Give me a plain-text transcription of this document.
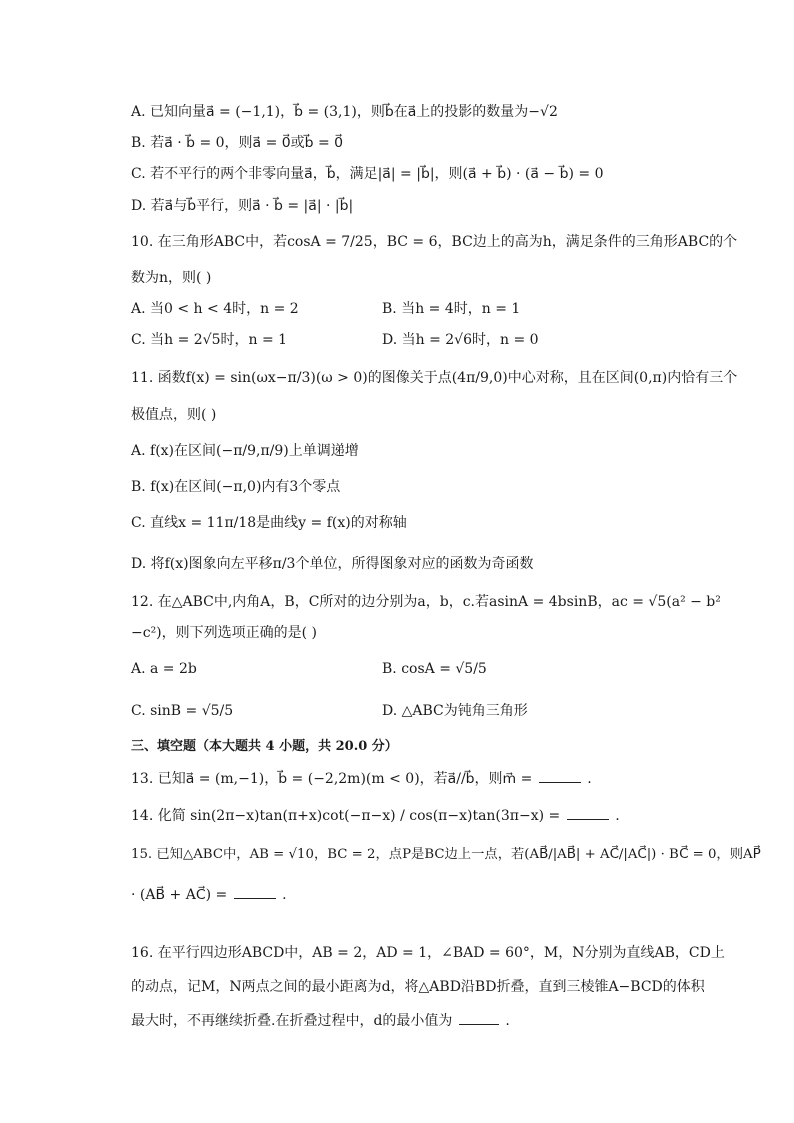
A. 已知向量a⃗ = (−1,1)，b⃗ = (3,1)，则b⃗在a⃗上的投影的数量为−√2
B. 若a⃗ · b⃗ = 0，则a⃗ = 0⃗或b⃗ = 0⃗
C. 若不平行的两个非零向量a⃗，b⃗，满足|a⃗| = |b⃗|，则(a⃗ + b⃗) · (a⃗ − b⃗) = 0
D. 若a⃗与b⃗平行，则a⃗ · b⃗ = |a⃗| · |b⃗|
10. 在三角形ABC中，若cosA = 7/25，BC = 6，BC边上的高为h，满足条件的三角形ABC的个
数为n，则( )
A. 当0 < h < 4时，n = 2	B. 当h = 4时，n = 1
C. 当h = 2√5时，n = 1	D. 当h = 2√6时，n = 0
11. 函数f(x) = sin(ωx−π/3)(ω > 0)的图像关于点(4π/9,0)中心对称，且在区间(0,π)内恰有三个
极值点，则( )
A. f(x)在区间(−π/9,π/9)上单调递增
B. f(x)在区间(−π,0)内有3个零点
C. 直线x = 11π/18是曲线y = f(x)的对称轴
D. 将f(x)图象向左平移π/3个单位，所得图象对应的函数为奇函数
12. 在△ABC中,内角A，B，C所对的边分别为a，b，c.若asinA = 4bsinB，ac = √5(a² − b²
−c²)，则下列选项正确的是( )
A. a = 2b	B. cosA = √5/5
C. sinB = √5/5	D. △ABC为钝角三角形
三、填空题（本大题共 4 小题，共 20.0 分）
13. 已知a⃗ = (m,−1)，b⃗ = (−2,2m)(m < 0)，若a⃗//b⃗，则m⃗ =	.
14. 化简 sin(2π−x)tan(π+x)cot(−π−x) / cos(π−x)tan(3π−x) =	.
15. 已知△ABC中，AB = √10，BC = 2，点P是BC边上一点，若(AB⃗/|AB⃗| + AC⃗/|AC⃗|) · BC⃗ = 0，则AP⃗
· (AB⃗ + AC⃗) =	.
16. 在平行四边形ABCD中，AB = 2，AD = 1，∠BAD = 60°，M，N分别为直线AB，CD上
的动点，记M，N两点之间的最小距离为d，将△ABD沿BD折叠，直到三棱锥A−BCD的体积
最大时，不再继续折叠.在折叠过程中，d的最小值为	.
